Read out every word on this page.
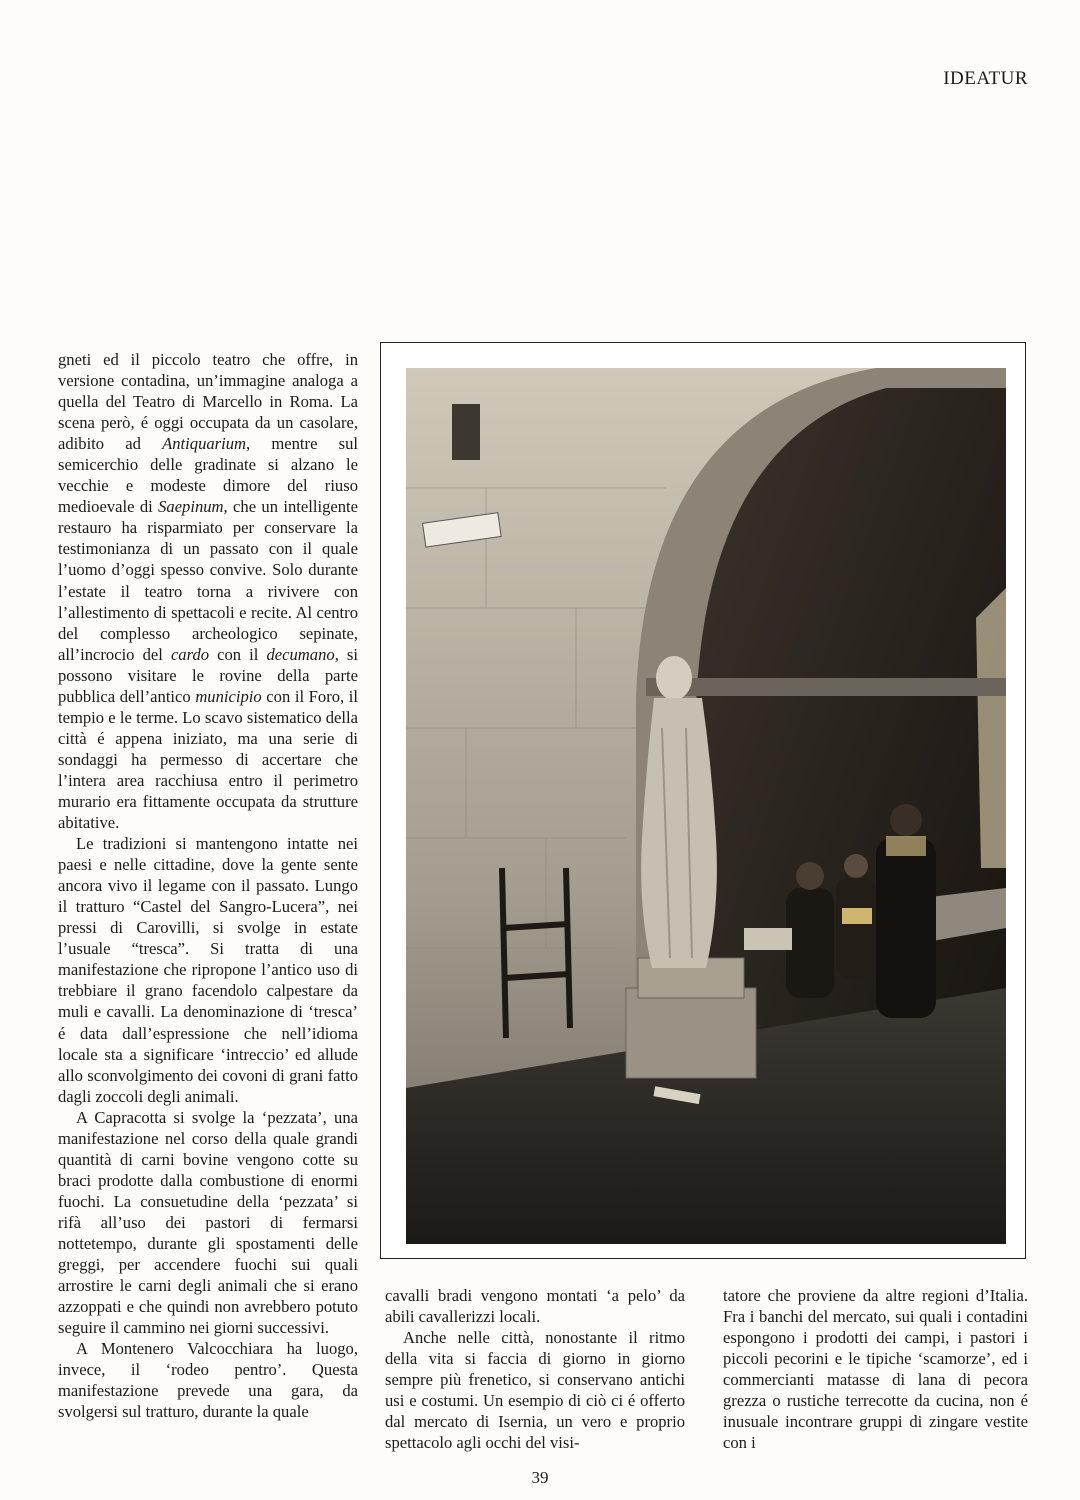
IDEATUR

gneti ed il piccolo teatro che offre, in versione contadina, un’immagine analoga a quella del Teatro di Marcello in Roma. La scena però, é oggi occupata da un casolare, adibito ad Antiquarium, mentre sul semicerchio delle gradinate si alzano le vecchie e modeste dimore del riuso medioevale di Saepinum, che un intelligente restauro ha risparmiato per conservare la testimonianza di un passato con il quale l’uomo d’oggi spesso convive. Solo durante l’estate il teatro torna a rivivere con l’allestimento di spettacoli e recite. Al centro del complesso archeologico sepinate, all’incrocio del cardo con il decumano, si possono visitare le rovine della parte pubblica dell’antico municipio con il Foro, il tempio e le terme. Lo scavo sistematico della città é appena iniziato, ma una serie di sondaggi ha permesso di accertare che l’intera area racchiusa entro il perimetro murario era fittamente occupata da strutture abitative.

Le tradizioni si mantengono intatte nei paesi e nelle cittadine, dove la gente sente ancora vivo il legame con il passato. Lungo il tratturo “Castel del Sangro-Lucera”, nei pressi di Carovilli, si svolge in estate l’usuale “tresca”. Si tratta di una manifestazione che ripropone l’antico uso di trebbiare il grano facendolo calpestare da muli e cavalli. La denominazione di ‘tresca’ é data dall’espressione che nell’idioma locale sta a significare ‘intreccio’ ed allude allo sconvolgimento dei covoni di grani fatto dagli zoccoli degli animali.

A Capracotta si svolge la ‘pezzata’, una manifestazione nel corso della quale grandi quantità di carni bovine vengono cotte su braci prodotte dalla combustione di enormi fuochi. La consuetudine della ‘pezzata’ si rifà all’uso dei pastori di fermarsi nottetempo, durante gli spostamenti delle greggi, per accendere fuochi sui quali arrostire le carni degli animali che si erano azzoppati e che quindi non avrebbero potuto seguire il cammino nei giorni successivi.

A Montenero Valcocchiara ha luogo, invece, il ‘rodeo pentro’. Questa manifestazione prevede una gara, da svolgersi sul tratturo, durante la quale

cavalli bradi vengono montati ‘a pelo’ da abili cavallerizzi locali.

Anche nelle città, nonostante il ritmo della vita si faccia di giorno in giorno sempre più frenetico, si conservano antichi usi e costumi. Un esempio di ciò ci é offerto dal mercato di Isernia, un vero e proprio spettacolo agli occhi del visi-

tatore che proviene da altre regioni d’Italia. Fra i banchi del mercato, sui quali i contadini espongono i prodotti dei campi, i pastori i piccoli pecorini e le tipiche ‘scamorze’, ed i commercianti matasse di lana di pecora grezza o rustiche terrecotte da cucina, non é inusuale incontrare gruppi di zingare vestite con i

39
